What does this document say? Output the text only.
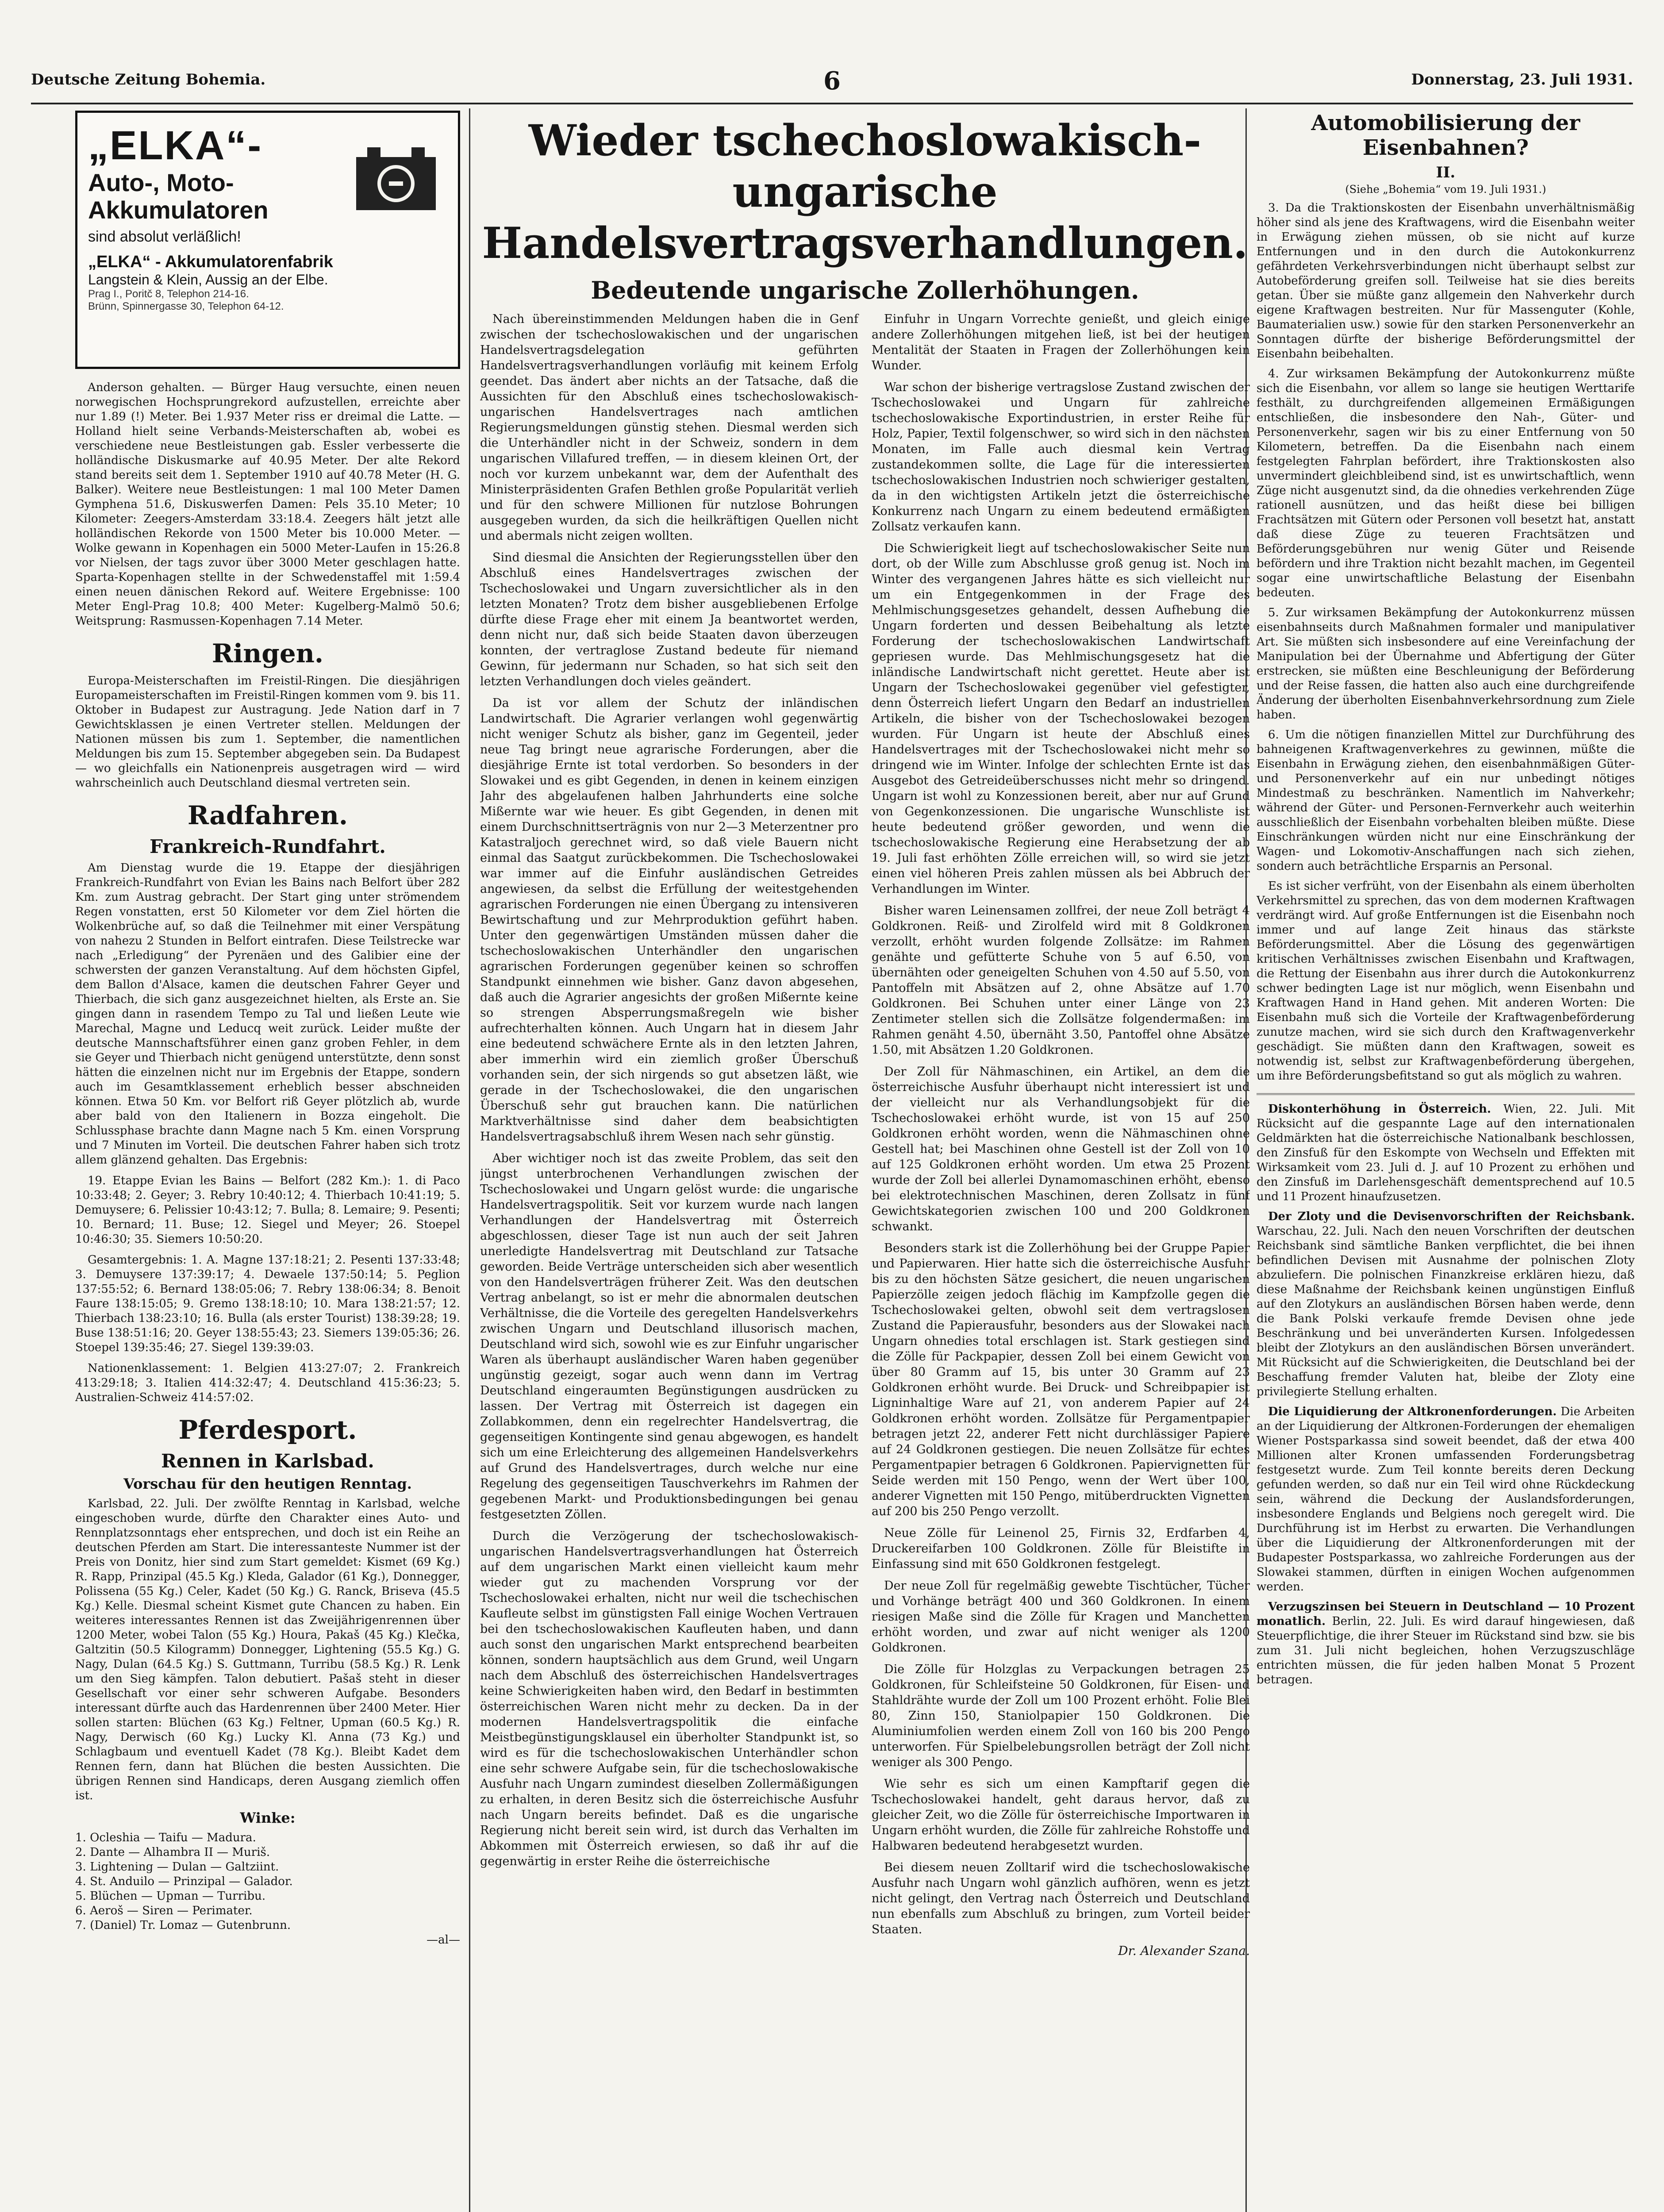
Deutsche Zeitung Bohemia.	6	Donnerstag, 23. Juli 1931.
„ELKA“-
Auto-, Moto-
Akkumulatoren
sind absolut verläßlich!
„ELKA“ - Akkumulatorenfabrik
Langstein & Klein, Aussig an der Elbe.
Prag I., Poritč 8, Telephon 214-16.
Brünn, Spinnergasse 30, Telephon 64-12.

Anderson gehalten. — Bürger Haug versuchte, einen neuen norwegischen Hochsprungrekord aufzustellen, erreichte aber nur 1.89 (!) Meter. Bei 1.937 Meter riss er dreimal die Latte. — Holland hielt seine Verbands-Meisterschaften ab, wobei es verschiedene neue Bestleistungen gab. Essler verbesserte die holländische Diskusmarke auf 40.95 Meter. Der alte Rekord stand bereits seit dem 1. September 1910 auf 40.78 Meter (H. G. Balker). Weitere neue Bestleistungen: 1 mal 100 Meter Damen Gymphena 51.6, Diskuswerfen Damen: Pels 35.10 Meter; 10 Kilometer: Zeegers-Amsterdam 33:18.4. Zeegers hält jetzt alle holländischen Rekorde von 1500 Meter bis 10.000 Meter. — Wolke gewann in Kopenhagen ein 5000 Meter-Laufen in 15:26.8 vor Nielsen, der tags zuvor über 3000 Meter geschlagen hatte. Sparta-Kopenhagen stellte in der Schwedenstaffel mit 1:59.4 einen neuen dänischen Rekord auf. Weitere Ergebnisse: 100 Meter Engl-Prag 10.8; 400 Meter: Kugelberg-Malmö 50.6; Weitsprung: Rasmussen-Kopenhagen 7.14 Meter.

Ringen.

Europa-Meisterschaften im Freistil-Ringen. Die diesjährigen Europameisterschaften im Freistil-Ringen kommen vom 9. bis 11. Oktober in Budapest zur Austragung. Jede Nation darf in 7 Gewichtsklassen je einen Vertreter stellen. Meldungen der Nationen müssen bis zum 1. September, die namentlichen Meldungen bis zum 15. September abgegeben sein. Da Budapest — wo gleichfalls ein Nationenpreis ausgetragen wird — wird wahrscheinlich auch Deutschland diesmal vertreten sein.

Radfahren.
Frankreich-Rundfahrt.

Am Dienstag wurde die 19. Etappe der diesjährigen Frankreich-Rundfahrt von Evian les Bains nach Belfort über 282 Km. zum Austrag gebracht. Der Start ging unter strömendem Regen vonstatten, erst 50 Kilometer vor dem Ziel hörten die Wolkenbrüche auf, so daß die Teilnehmer mit einer Verspätung von nahezu 2 Stunden in Belfort eintrafen. Diese Teilstrecke war nach „Erledigung“ der Pyrenäen und des Galibier eine der schwersten der ganzen Veranstaltung. Auf dem höchsten Gipfel, dem Ballon d'Alsace, kamen die deutschen Fahrer Geyer und Thierbach, die sich ganz ausgezeichnet hielten, als Erste an. Sie gingen dann in rasendem Tempo zu Tal und ließen Leute wie Marechal, Magne und Leducq weit zurück. Leider mußte der deutsche Mannschaftsführer einen ganz groben Fehler, in dem sie Geyer und Thierbach nicht genügend unterstützte, denn sonst hätten die einzelnen nicht nur im Ergebnis der Etappe, sondern auch im Gesamtklassement erheblich besser abschneiden können. Etwa 50 Km. vor Belfort riß Geyer plötzlich ab, wurde aber bald von den Italienern in Bozza eingeholt. Die Schlussphase brachte dann Magne nach 5 Km. einen Vorsprung und 7 Minuten im Vorteil. Die deutschen Fahrer haben sich trotz allem glänzend gehalten. Das Ergebnis:

19. Etappe Evian les Bains — Belfort (282 Km.): 1. di Paco 10:33:48; 2. Geyer; 3. Rebry 10:40:12; 4. Thierbach 10:41:19; 5. Demuysere; 6. Pelissier 10:43:12; 7. Bulla; 8. Lemaire; 9. Pesenti; 10. Bernard; 11. Buse; 12. Siegel und Meyer; 26. Stoepel 10:46:30; 35. Siemers 10:50:20.

Gesamtergebnis: 1. A. Magne 137:18:21; 2. Pesenti 137:33:48; 3. Demuysere 137:39:17; 4. Dewaele 137:50:14; 5. Peglion 137:55:52; 6. Bernard 138:05:06; 7. Rebry 138:06:34; 8. Benoit Faure 138:15:05; 9. Gremo 138:18:10; 10. Mara 138:21:57; 12. Thierbach 138:23:10; 16. Bulla (als erster Tourist) 138:39:28; 19. Buse 138:51:16; 20. Geyer 138:55:43; 23. Siemers 139:05:36; 26. Stoepel 139:35:46; 27. Siegel 139:39:03.

Nationenklassement: 1. Belgien 413:27:07; 2. Frankreich 413:29:18; 3. Italien 414:32:47; 4. Deutschland 415:36:23; 5. Australien-Schweiz 414:57:02.

Pferdesport.
Rennen in Karlsbad.
Vorschau für den heutigen Renntag.

Karlsbad, 22. Juli. Der zwölfte Renntag in Karlsbad, welche eingeschoben wurde, dürfte den Charakter eines Auto- und Rennplatzsonntags eher entsprechen, und doch ist ein Reihe an deutschen Pferden am Start. Die interessanteste Nummer ist der Preis von Donitz, hier sind zum Start gemeldet: Kismet (69 Kg.) R. Rapp, Prinzipal (45.5 Kg.) Kleda, Galador (61 Kg.), Donnegger, Polissena (55 Kg.) Celer, Kadet (50 Kg.) G. Ranck, Briseva (45.5 Kg.) Kelle. Diesmal scheint Kismet gute Chancen zu haben. Ein weiteres interessantes Rennen ist das Zweijährigenrennen über 1200 Meter, wobei Talon (55 Kg.) Houra, Pakaš (45 Kg.) Klečka, Galtzitin (50.5 Kilogramm) Donnegger, Lightening (55.5 Kg.) G. Nagy, Dulan (64.5 Kg.) S. Guttmann, Turribu (58.5 Kg.) R. Lenk um den Sieg kämpfen. Talon debutiert. Pašaš steht in dieser Gesellschaft vor einer sehr schweren Aufgabe. Besonders interessant dürfte auch das Hardenrennen über 2400 Meter. Hier sollen starten: Blüchen (63 Kg.) Feltner, Upman (60.5 Kg.) R. Nagy, Derwisch (60 Kg.) Lucky Kl. Anna (73 Kg.) und Schlagbaum und eventuell Kadet (78 Kg.). Bleibt Kadet dem Rennen fern, dann hat Blüchen die besten Aussichten. Die übrigen Rennen sind Handicaps, deren Ausgang ziemlich offen ist.

Winke:
1. Ocleshia — Taifu — Madura.
2. Dante — Alhambra II — Muriš.
3. Lightening — Dulan — Galtziint.
4. St. Anduilo — Prinzipal — Galador.
5. Blüchen — Upman — Turribu.
6. Aeroš — Siren — Perimater.
7. (Daniel) Tr. Lomaz — Gutenbrunn.
—al—
Wieder tschechoslowakisch-ungarische
Handelsvertragsverhandlungen.
Bedeutende ungarische Zollerhöhungen.

Nach übereinstimmenden Meldungen haben die in Genf zwischen der tschechoslowakischen und der ungarischen Handelsvertragsdelegation geführten Handelsvertragsverhandlungen vorläufig mit keinem Erfolg geendet. Das ändert aber nichts an der Tatsache, daß die Aussichten für den Abschluß eines tschechoslowakisch-ungarischen Handelsvertrages nach amtlichen Regierungsmeldungen günstig stehen. Diesmal werden sich die Unterhändler nicht in der Schweiz, sondern in dem ungarischen Villafured treffen, — in diesem kleinen Ort, der noch vor kurzem unbekannt war, dem der Aufenthalt des Ministerpräsidenten Grafen Bethlen große Popularität verlieh und für den schwere Millionen für nutzlose Bohrungen ausgegeben wurden, da sich die heilkräftigen Quellen nicht und abermals nicht zeigen wollten.

Sind diesmal die Ansichten der Regierungsstellen über den Abschluß eines Handelsvertrages zwischen der Tschechoslowakei und Ungarn zuversichtlicher als in den letzten Monaten? Trotz dem bisher ausgebliebenen Erfolge dürfte diese Frage eher mit einem Ja beantwortet werden, denn nicht nur, daß sich beide Staaten davon überzeugen konnten, der vertraglose Zustand bedeute für niemand Gewinn, für jedermann nur Schaden, so hat sich seit den letzten Verhandlungen doch vieles geändert.

Da ist vor allem der Schutz der inländischen Landwirtschaft. Die Agrarier verlangen wohl gegenwärtig nicht weniger Schutz als bisher, ganz im Gegenteil, jeder neue Tag bringt neue agrarische Forderungen, aber die diesjährige Ernte ist total verdorben. So besonders in der Slowakei und es gibt Gegenden, in denen in keinem einzigen Jahr des abgelaufenen halben Jahrhunderts eine solche Mißernte war wie heuer. Es gibt Gegenden, in denen mit einem Durchschnittserträgnis von nur 2—3 Meterzentner pro Katastraljoch gerechnet wird, so daß viele Bauern nicht einmal das Saatgut zurückbekommen. Die Tschechoslowakei war immer auf die Einfuhr ausländischen Getreides angewiesen, da selbst die Erfüllung der weitestgehenden agrarischen Forderungen nie einen Übergang zu intensiveren Bewirtschaftung und zur Mehrproduktion geführt haben. Unter den gegenwärtigen Umständen müssen daher die tschechoslowakischen Unterhändler den ungarischen agrarischen Forderungen gegenüber keinen so schroffen Standpunkt einnehmen wie bisher. Ganz davon abgesehen, daß auch die Agrarier angesichts der großen Mißernte keine so strengen Absperrungsmaßregeln wie bisher aufrechterhalten können. Auch Ungarn hat in diesem Jahr eine bedeutend schwächere Ernte als in den letzten Jahren, aber immerhin wird ein ziemlich großer Überschuß vorhanden sein, der sich nirgends so gut absetzen läßt, wie gerade in der Tschechoslowakei, die den ungarischen Überschuß sehr gut brauchen kann. Die natürlichen Marktverhältnisse sind daher dem beabsichtigten Handelsvertragsabschluß ihrem Wesen nach sehr günstig.

Aber wichtiger noch ist das zweite Problem, das seit den jüngst unterbrochenen Verhandlungen zwischen der Tschechoslowakei und Ungarn gelöst wurde: die ungarische Handelsvertragspolitik. Seit vor kurzem wurde nach langen Verhandlungen der Handelsvertrag mit Österreich abgeschlossen, dieser Tage ist nun auch der seit Jahren unerledigte Handelsvertrag mit Deutschland zur Tatsache geworden. Beide Verträge unterscheiden sich aber wesentlich von den Handelsverträgen früherer Zeit. Was den deutschen Vertrag anbelangt, so ist er mehr die abnormalen deutschen Verhältnisse, die die Vorteile des geregelten Handelsverkehrs zwischen Ungarn und Deutschland illusorisch machen, Deutschland wird sich, sowohl wie es zur Einfuhr ungarischer Waren als überhaupt ausländischer Waren haben gegenüber ungünstig gezeigt, sogar auch wenn dann im Vertrag Deutschland eingeraumten Begünstigungen ausdrücken zu lassen. Der Vertrag mit Österreich ist dagegen ein Zollabkommen, denn ein regelrechter Handelsvertrag, die gegenseitigen Kontingente sind genau abgewogen, es handelt sich um eine Erleichterung des allgemeinen Handelsverkehrs auf Grund des Handelsvertrages, durch welche nur eine Regelung des gegenseitigen Tauschverkehrs im Rahmen der gegebenen Markt- und Produktionsbedingungen bei genau festgesetzten Zöllen.

Durch die Verzögerung der tschechoslowakisch-ungarischen Handelsvertragsverhandlungen hat Österreich auf dem ungarischen Markt einen vielleicht kaum mehr wieder gut zu machenden Vorsprung vor der Tschechoslowakei erhalten, nicht nur weil die tschechischen Kaufleute selbst im günstigsten Fall einige Wochen Vertrauen bei den tschechoslowakischen Kaufleuten haben, und dann auch sonst den ungarischen Markt entsprechend bearbeiten können, sondern hauptsächlich aus dem Grund, weil Ungarn nach dem Abschluß des österreichischen Handelsvertrages keine Schwierigkeiten haben wird, den Bedarf in bestimmten österreichischen Waren nicht mehr zu decken. Da in der modernen Handelsvertragspolitik die einfache Meistbegünstigungsklausel ein überholter Standpunkt ist, so wird es für die tschechoslowakischen Unterhändler schon eine sehr schwere Aufgabe sein, für die tschechoslowakische Ausfuhr nach Ungarn zumindest dieselben Zollermäßigungen zu erhalten, in deren Besitz sich die österreichische Ausfuhr nach Ungarn bereits befindet. Daß es die ungarische Regierung nicht bereit sein wird, ist durch das Verhalten im Abkommen mit Österreich erwiesen, so daß ihr auf die gegenwärtig in erster Reihe die österreichische

Einfuhr in Ungarn Vorrechte genießt, und gleich einige andere Zollerhöhungen mitgehen ließ, ist bei der heutigen Mentalität der Staaten in Fragen der Zollerhöhungen kein Wunder.

War schon der bisherige vertragslose Zustand zwischen der Tschechoslowakei und Ungarn für zahlreiche tschechoslowakische Exportindustrien, in erster Reihe für Holz, Papier, Textil folgenschwer, so wird sich in den nächsten Monaten, im Falle auch diesmal kein Vertrag zustandekommen sollte, die Lage für die interessierten tschechoslowakischen Industrien noch schwieriger gestalten, da in den wichtigsten Artikeln jetzt die österreichische Konkurrenz nach Ungarn zu einem bedeutend ermäßigten Zollsatz verkaufen kann.

Die Schwierigkeit liegt auf tschechoslowakischer Seite nun dort, ob der Wille zum Abschlusse groß genug ist. Noch im Winter des vergangenen Jahres hätte es sich vielleicht nur um ein Entgegenkommen in der Frage des Mehlmischungsgesetzes gehandelt, dessen Aufhebung die Ungarn forderten und dessen Beibehaltung als letzte Forderung der tschechoslowakischen Landwirtschaft gepriesen wurde. Das Mehlmischungsgesetz hat die inländische Landwirtschaft nicht gerettet. Heute aber ist Ungarn der Tschechoslowakei gegenüber viel gefestigter, denn Österreich liefert Ungarn den Bedarf an industriellen Artikeln, die bisher von der Tschechoslowakei bezogen wurden. Für Ungarn ist heute der Abschluß eines Handelsvertrages mit der Tschechoslowakei nicht mehr so dringend wie im Winter. Infolge der schlechten Ernte ist das Ausgebot des Getreideüberschusses nicht mehr so dringend. Ungarn ist wohl zu Konzessionen bereit, aber nur auf Grund von Gegenkonzessionen. Die ungarische Wunschliste ist heute bedeutend größer geworden, und wenn die tschechoslowakische Regierung eine Herabsetzung der ab 19. Juli fast erhöhten Zölle erreichen will, so wird sie jetzt einen viel höheren Preis zahlen müssen als bei Abbruch der Verhandlungen im Winter.

Bisher waren Leinensamen zollfrei, der neue Zoll beträgt 4 Goldkronen. Reiß- und Zirolfeld wird mit 8 Goldkronen verzollt, erhöht wurden folgende Zollsätze: im Rahmen genähte und gefütterte Schuhe von 5 auf 6.50, von übernähten oder geneigelten Schuhen von 4.50 auf 5.50, von Pantoffeln mit Absätzen auf 2, ohne Absätze auf 1.70 Goldkronen. Bei Schuhen unter einer Länge von 23 Zentimeter stellen sich die Zollsätze folgendermaßen: im Rahmen genäht 4.50, übernäht 3.50, Pantoffel ohne Absätze 1.50, mit Absätzen 1.20 Goldkronen.

Der Zoll für Nähmaschinen, ein Artikel, an dem die österreichische Ausfuhr überhaupt nicht interessiert ist und der vielleicht nur als Verhandlungsobjekt für die Tschechoslowakei erhöht wurde, ist von 15 auf 250 Goldkronen erhöht worden, wenn die Nähmaschinen ohne Gestell hat; bei Maschinen ohne Gestell ist der Zoll von 10 auf 125 Goldkronen erhöht worden. Um etwa 25 Prozent wurde der Zoll bei allerlei Dynamomaschinen erhöht, ebenso bei elektrotechnischen Maschinen, deren Zollsatz in fünf Gewichtskategorien zwischen 100 und 200 Goldkronen schwankt.

Besonders stark ist die Zollerhöhung bei der Gruppe Papier und Papierwaren. Hier hatte sich die österreichische Ausfuhr bis zu den höchsten Sätze gesichert, die neuen ungarischen Papierzölle zeigen jedoch flächig im Kampfzolle gegen die Tschechoslowakei gelten, obwohl seit dem vertragslosen Zustand die Papierausfuhr, besonders aus der Slowakei nach Ungarn ohnedies total erschlagen ist. Stark gestiegen sind die Zölle für Packpapier, dessen Zoll bei einem Gewicht von über 80 Gramm auf 15, bis unter 30 Gramm auf 23 Goldkronen erhöht wurde. Bei Druck- und Schreibpapier ist Ligninhaltige Ware auf 21, von anderem Papier auf 24 Goldkronen erhöht worden. Zollsätze für Pergamentpapier betragen jetzt 22, anderer Fett nicht durchlässiger Papiere auf 24 Goldkronen gestiegen. Die neuen Zollsätze für echtes Pergamentpapier betragen 6 Goldkronen. Papiervignetten für Seide werden mit 150 Pengo, wenn der Wert über 100, anderer Vignetten mit 150 Pengo, mitüberdruckten Vignetten auf 200 bis 250 Pengo verzollt.

Neue Zölle für Leinenol 25, Firnis 32, Erdfarben 4, Druckereifarben 100 Goldkronen. Zölle für Bleistifte in Einfassung sind mit 650 Goldkronen festgelegt.

Der neue Zoll für regelmäßig gewebte Tischtücher, Tücher und Vorhänge beträgt 400 und 360 Goldkronen. In einem riesigen Maße sind die Zölle für Kragen und Manchetten erhöht worden, und zwar auf nicht weniger als 1200 Goldkronen.

Die Zölle für Holzglas zu Verpackungen betragen 25 Goldkronen, für Schleifsteine 50 Goldkronen, für Eisen- und Stahldrähte wurde der Zoll um 100 Prozent erhöht. Folie Blei 80, Zinn 150, Staniolpapier 150 Goldkronen. Die Aluminiumfolien werden einem Zoll von 160 bis 200 Pengo unterworfen. Für Spielbelebungsrollen beträgt der Zoll nicht weniger als 300 Pengo.

Wie sehr es sich um einen Kampftarif gegen die Tschechoslowakei handelt, geht daraus hervor, daß zu gleicher Zeit, wo die Zölle für österreichische Importwaren in Ungarn erhöht wurden, die Zölle für zahlreiche Rohstoffe und Halbwaren bedeutend herabgesetzt wurden.

Bei diesem neuen Zolltarif wird die tschechoslowakische Ausfuhr nach Ungarn wohl gänzlich aufhören, wenn es jetzt nicht gelingt, den Vertrag nach Österreich und Deutschland nun ebenfalls zum Abschluß zu bringen, zum Vorteil beider Staaten.

Dr. Alexander Szana.
Automobilisierung der Eisenbahnen?
II.
(Siehe „Bohemia“ vom 19. Juli 1931.)

3. Da die Traktionskosten der Eisenbahn unverhältnismäßig höher sind als jene des Kraftwagens, wird die Eisenbahn weiter in Erwägung ziehen müssen, ob sie nicht auf kurze Entfernungen und in den durch die Autokonkurrenz gefährdeten Verkehrsverbindungen nicht überhaupt selbst zur Autobeförderung greifen soll. Teilweise hat sie dies bereits getan. Über sie müßte ganz allgemein den Nahverkehr durch eigene Kraftwagen bestreiten. Nur für Massenguter (Kohle, Baumaterialien usw.) sowie für den starken Personenverkehr an Sonntagen dürfte der bisherige Beförderungsmittel der Eisenbahn beibehalten.

4. Zur wirksamen Bekämpfung der Autokonkurrenz müßte sich die Eisenbahn, vor allem so lange sie heutigen Werttarife festhält, zu durchgreifenden allgemeinen Ermäßigungen entschließen, die insbesondere den Nah-, Güter- und Personenverkehr, sagen wir bis zu einer Entfernung von 50 Kilometern, betreffen. Da die Eisenbahn nach einem festgelegten Fahrplan befördert, ihre Traktionskosten also unvermindert gleichbleibend sind, ist es unwirtschaftlich, wenn Züge nicht ausgenutzt sind, da die ohnedies verkehrenden Züge rationell ausnützen, und das heißt diese bei billigen Frachtsätzen mit Gütern oder Personen voll besetzt hat, anstatt daß diese Züge zu teueren Frachtsätzen und Beförderungsgebühren nur wenig Güter und Reisende befördern und ihre Traktion nicht bezahlt machen, im Gegenteil sogar eine unwirtschaftliche Belastung der Eisenbahn bedeuten.

5. Zur wirksamen Bekämpfung der Autokonkurrenz müssen eisenbahnseits durch Maßnahmen formaler und manipulativer Art. Sie müßten sich insbesondere auf eine Vereinfachung der Manipulation bei der Übernahme und Abfertigung der Güter erstrecken, sie müßten eine Beschleunigung der Beförderung und der Reise fassen, die hatten also auch eine durchgreifende Änderung der überholten Eisenbahnverkehrsordnung zum Ziele haben.

6. Um die nötigen finanziellen Mittel zur Durchführung des bahneigenen Kraftwagenverkehres zu gewinnen, müßte die Eisenbahn in Erwägung ziehen, den eisenbahnmäßigen Güter- und Personenverkehr auf ein nur unbedingt nötiges Mindestmaß zu beschränken. Namentlich im Nahverkehr; während der Güter- und Personen-Fernverkehr auch weiterhin ausschließlich der Eisenbahn vorbehalten bleiben müßte. Diese Einschränkungen würden nicht nur eine Einschränkung der Wagen- und Lokomotiv-Anschaffungen nach sich ziehen, sondern auch beträchtliche Ersparnis an Personal.

Es ist sicher verfrüht, von der Eisenbahn als einem überholten Verkehrsmittel zu sprechen, das von dem modernen Kraftwagen verdrängt wird. Auf große Entfernungen ist die Eisenbahn noch immer und auf lange Zeit hinaus das stärkste Beförderungsmittel. Aber die Lösung des gegenwärtigen kritischen Verhältnisses zwischen Eisenbahn und Kraftwagen, die Rettung der Eisenbahn aus ihrer durch die Autokonkurrenz schwer bedingten Lage ist nur möglich, wenn Eisenbahn und Kraftwagen Hand in Hand gehen. Mit anderen Worten: Die Eisenbahn muß sich die Vorteile der Kraftwagenbeförderung zunutze machen, wird sie sich durch den Kraftwagenverkehr geschädigt. Sie müßten dann den Kraftwagen, soweit es notwendig ist, selbst zur Kraftwagenbeförderung übergehen, um ihre Beförderungsbefitstand so gut als möglich zu wahren.

Diskonterhöhung in Österreich. Wien, 22. Juli. Mit Rücksicht auf die gespannte Lage auf den internationalen Geldmärkten hat die österreichische Nationalbank beschlossen, den Zinsfuß für den Eskompte von Wechseln und Effekten mit Wirksamkeit vom 23. Juli d. J. auf 10 Prozent zu erhöhen und den Zinsfuß im Darlehensgeschäft dementsprechend auf 10.5 und 11 Prozent hinaufzusetzen.

Der Zloty und die Devisenvorschriften der Reichsbank. Warschau, 22. Juli. Nach den neuen Vorschriften der deutschen Reichsbank sind sämtliche Banken verpflichtet, die bei ihnen befindlichen Devisen mit Ausnahme der polnischen Zloty abzuliefern. Die polnischen Finanzkreise erklären hiezu, daß diese Maßnahme der Reichsbank keinen ungünstigen Einfluß auf den Zlotykurs an ausländischen Börsen haben werde, denn die Bank Polski verkaufe fremde Devisen ohne jede Beschränkung und bei unveränderten Kursen. Infolgedessen bleibt der Zlotykurs an den ausländischen Börsen unverändert. Mit Rücksicht auf die Schwierigkeiten, die Deutschland bei der Beschaffung fremder Valuten hat, bleibe der Zloty eine privilegierte Stellung erhalten.

Die Liquidierung der Altkronenforderungen. Die Arbeiten an der Liquidierung der Altkronen-Forderungen der ehemaligen Wiener Postsparkassa sind soweit beendet, daß der etwa 400 Millionen alter Kronen umfassenden Forderungsbetrag festgesetzt wurde. Zum Teil konnte bereits deren Deckung gefunden werden, so daß nur ein Teil wird ohne Rückdeckung sein, während die Deckung der Auslandsforderungen, insbesondere Englands und Belgiens noch geregelt wird. Die Durchführung ist im Herbst zu erwarten. Die Verhandlungen über die Liquidierung der Altkronenforderungen mit der Budapester Postsparkassa, wo zahlreiche Forderungen aus der Slowakei stammen, dürften in einigen Wochen aufgenommen werden.

Verzugszinsen bei Steuern in Deutschland — 10 Prozent monatlich. Berlin, 22. Juli. Es wird darauf hingewiesen, daß Steuerpflichtige, die ihrer Steuer im Rückstand sind bzw. sie bis zum 31. Juli nicht begleichen, hohen Verzugszuschläge entrichten müssen, die für jeden halben Monat 5 Prozent betragen.
